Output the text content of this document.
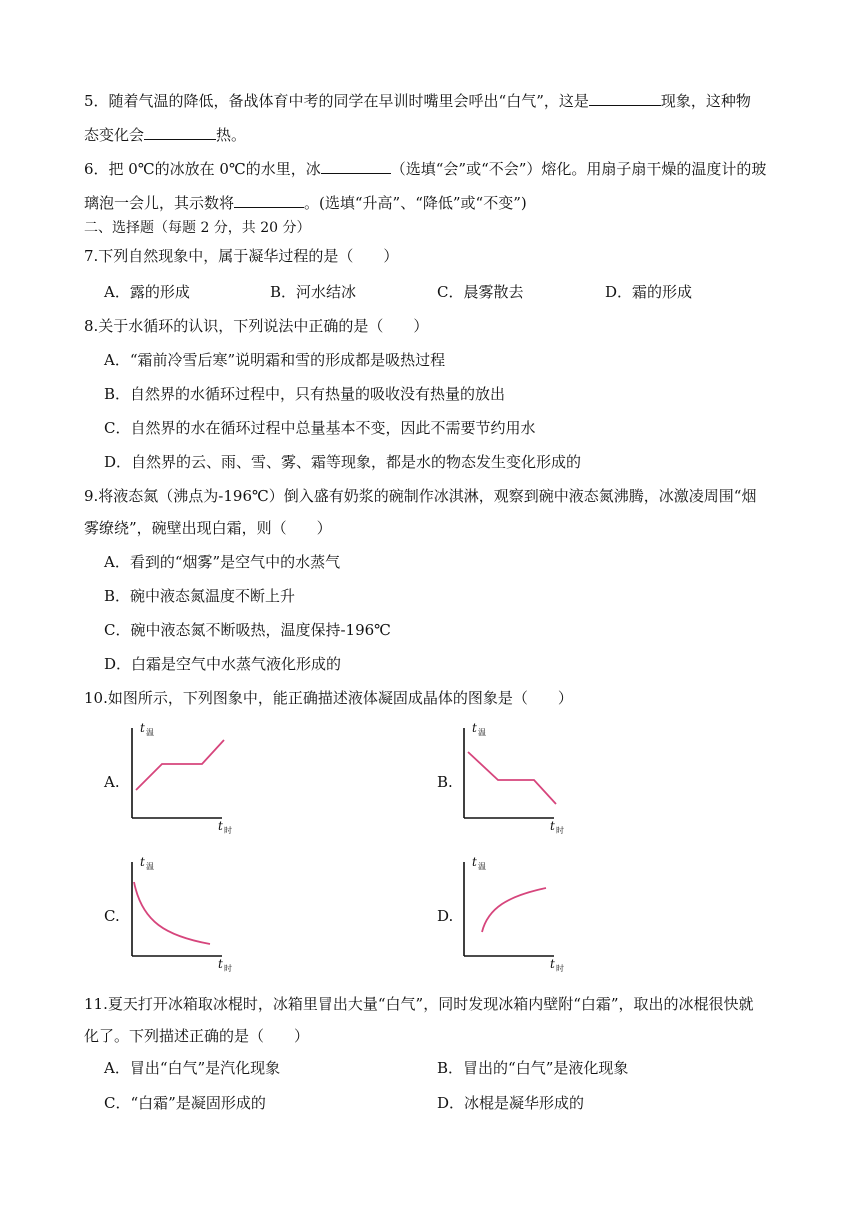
5．随着气温的降低，备战体育中考的同学在早训时嘴里会呼出“白气”，这是	现象，这种物
态变化会	热。
6．把 0℃的冰放在 0℃的水里，冰	（选填“会”或“不会”）熔化。用扇子扇干燥的温度计的玻
璃泡一会儿，其示数将	。(选填“升高”、“降低”或“不变”)
二、选择题（每题 2 分，共 20 分）
7.下列自然现象中，属于凝华过程的是（　　）
A．露的形成	B．河水结冰	C．晨雾散去	D．霜的形成
8.关于水循环的认识，下列说法中正确的是（　　）
A．“霜前冷雪后寒”说明霜和雪的形成都是吸热过程
B．自然界的水循环过程中，只有热量的吸收没有热量的放出
C．自然界的水在循环过程中总量基本不变，因此不需要节约用水
D．自然界的云、雨、雪、雾、霜等现象，都是水的物态发生变化形成的
9.将液态氮（沸点为-196℃）倒入盛有奶浆的碗制作冰淇淋，观察到碗中液态氮沸腾，冰激凌周围“烟
雾缭绕”，碗壁出现白霜，则（　　）
A．看到的“烟雾”是空气中的水蒸气
B．碗中液态氮温度不断上升
C．碗中液态氮不断吸热，温度保持-196℃
D．白霜是空气中水蒸气液化形成的
10.如图所示，下列图象中，能正确描述液体凝固成晶体的图象是（　　）
A.
t 温
t 时
B.
t 温
t 时
C.
t 温
t 时
D.
t 温
t 时
11.夏天打开冰箱取冰棍时，冰箱里冒出大量“白气”，同时发现冰箱内壁附“白霜”，取出的冰棍很快就
化了。下列描述正确的是（　　）
A．冒出“白气”是汽化现象	B．冒出的“白气”是液化现象
C．“白霜”是凝固形成的	D．冰棍是凝华形成的
